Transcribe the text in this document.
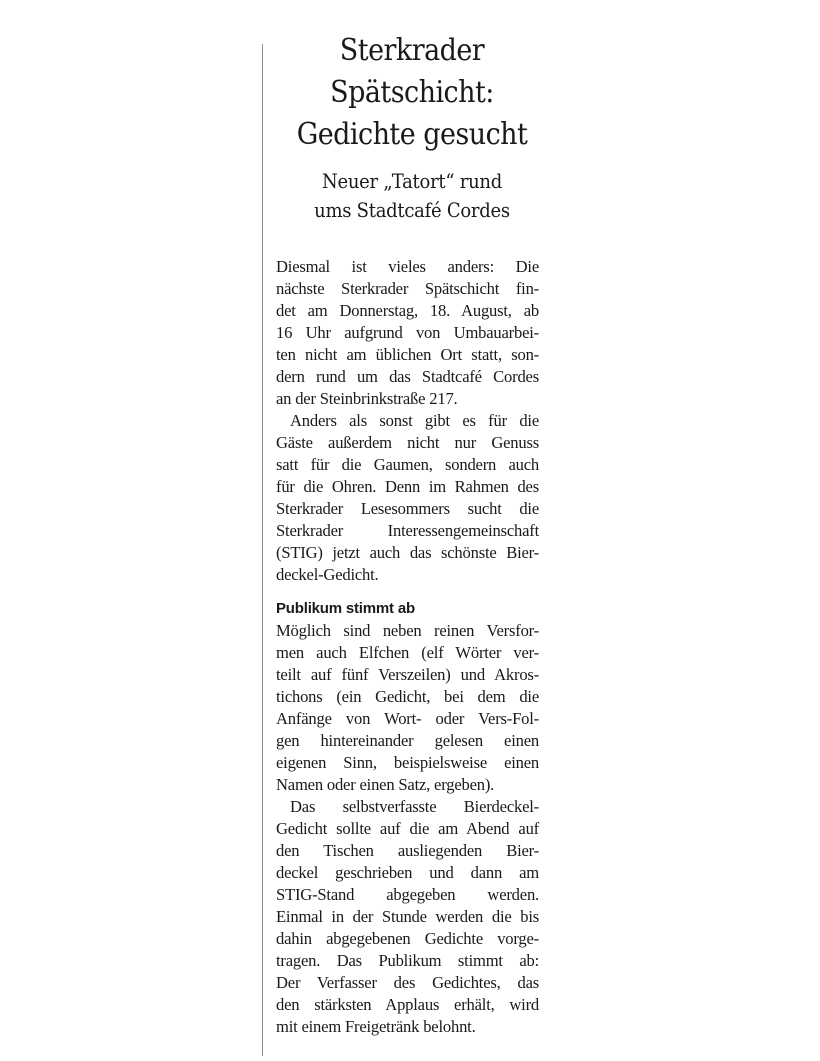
Sterkrader
Spätschicht:
Gedichte gesucht
Neuer „Tatort“ rund
ums Stadtcafé Cordes
Diesmal ist vieles anders: Die
nächste Sterkrader Spätschicht fin-
det am Donnerstag, 18. August, ab
16 Uhr aufgrund von Umbauarbei-
ten nicht am üblichen Ort statt, son-
dern rund um das Stadtcafé Cordes
an der Steinbrinkstraße 217.
Anders als sonst gibt es für die
Gäste außerdem nicht nur Genuss
satt für die Gaumen, sondern auch
für die Ohren. Denn im Rahmen des
Sterkrader Lesesommers sucht die
Sterkrader Interessengemeinschaft
(STIG) jetzt auch das schönste Bier-
deckel-Gedicht.
Publikum stimmt ab
Möglich sind neben reinen Versfor-
men auch Elfchen (elf Wörter ver-
teilt auf fünf Verszeilen) und Akros-
tichons (ein Gedicht, bei dem die
Anfänge von Wort- oder Vers-Fol-
gen hintereinander gelesen einen
eigenen Sinn, beispielsweise einen
Namen oder einen Satz, ergeben).
Das selbstverfasste Bierdeckel-
Gedicht sollte auf die am Abend auf
den Tischen ausliegenden Bier-
deckel geschrieben und dann am
STIG-Stand abgegeben werden.
Einmal in der Stunde werden die bis
dahin abgegebenen Gedichte vorge-
tragen. Das Publikum stimmt ab:
Der Verfasser des Gedichtes, das
den stärksten Applaus erhält, wird
mit einem Freigetränk belohnt.
